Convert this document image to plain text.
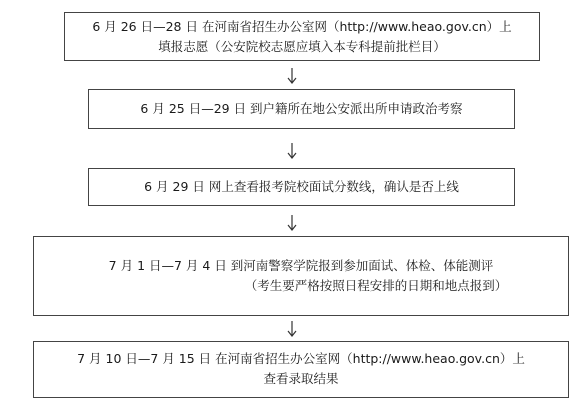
6 月 26 日—28 日 在河南省招生办公室网（http://www.heao.gov.cn）上
填报志愿（公安院校志愿应填入本专科提前批栏目）
6 月 25 日—29 日 到户籍所在地公安派出所申请政治考察
6 月 29 日 网上查看报考院校面试分数线，确认是否上线
7 月 1 日—7 月 4 日 到河南警察学院报到参加面试、体检、体能测评
（考生要严格按照日程安排的日期和地点报到）
7 月 10 日—7 月 15 日 在河南省招生办公室网（http://www.heao.gov.cn）上
查看录取结果
